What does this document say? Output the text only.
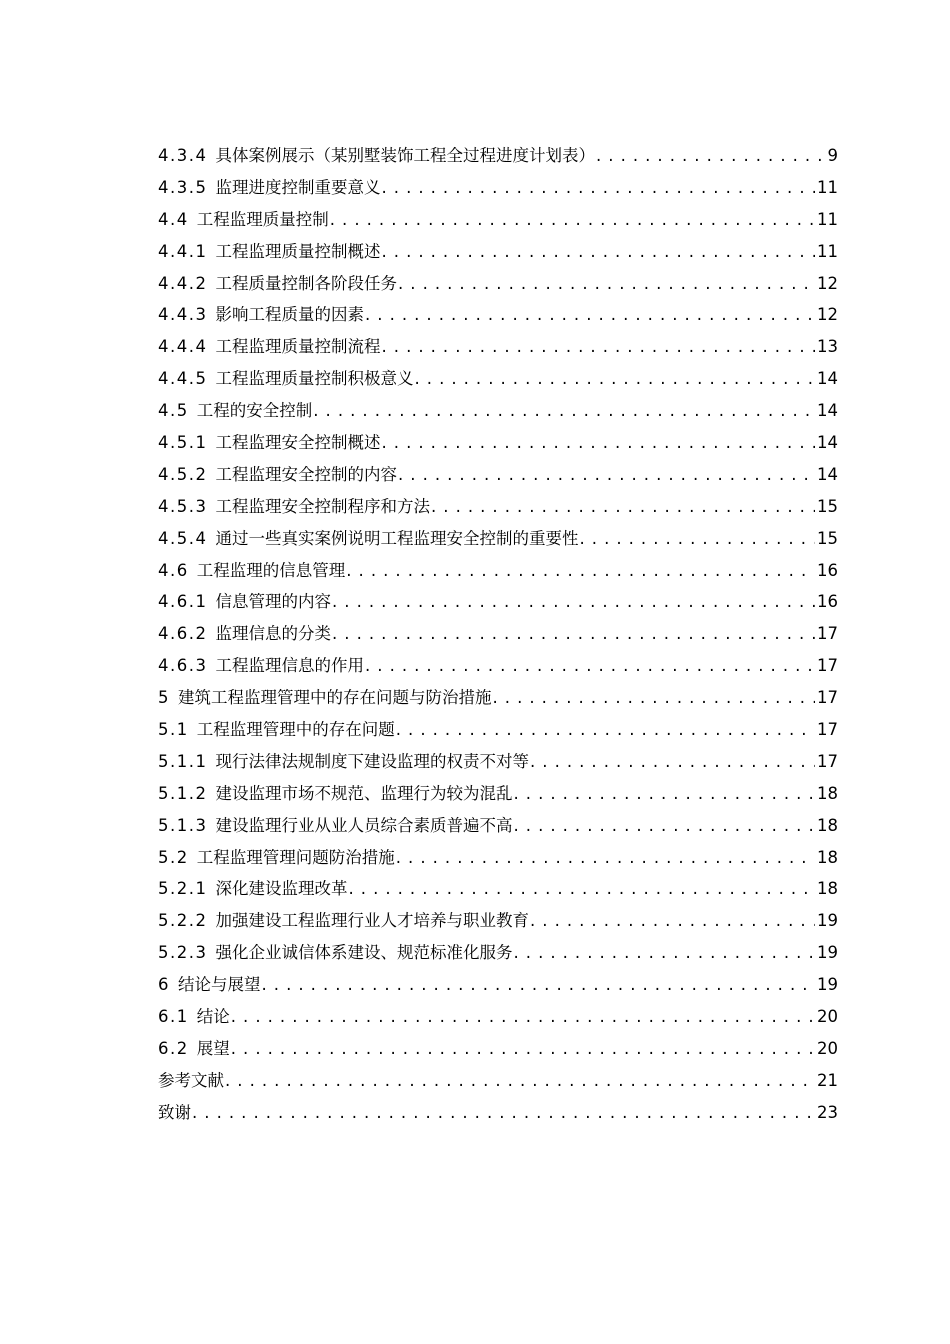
4.3.4 具体案例展示（某别墅装饰工程全过程进度计划表） . . .	9
4.3.5 监理进度控制重要意义 . . .	11
4.4 工程监理质量控制 . . .	11
4.4.1 工程监理质量控制概述 . . .	11
4.4.2 工程质量控制各阶段任务 . . .	12
4.4.3 影响工程质量的因素 . . .	12
4.4.4 工程监理质量控制流程 . . .	13
4.4.5 工程监理质量控制积极意义 . . .	14
4.5 工程的安全控制 . . .	14
4.5.1 工程监理安全控制概述 . . .	14
4.5.2 工程监理安全控制的内容 . . .	14
4.5.3 工程监理安全控制程序和方法 . . .	15
4.5.4 通过一些真实案例说明工程监理安全控制的重要性 . . .	15
4.6 工程监理的信息管理 . . .	16
4.6.1 信息管理的内容 . . .	16
4.6.2 监理信息的分类 . . .	17
4.6.3 工程监理信息的作用 . . .	17
5 建筑工程监理管理中的存在问题与防治措施 . . .	17
5.1 工程监理管理中的存在问题 . . .	17
5.1.1 现行法律法规制度下建设监理的权责不对等 . . .	17
5.1.2 建设监理市场不规范、监理行为较为混乱 . . .	18
5.1.3 建设监理行业从业人员综合素质普遍不高 . . .	18
5.2 工程监理管理问题防治措施 . . .	18
5.2.1 深化建设监理改革 . . .	18
5.2.2 加强建设工程监理行业人才培养与职业教育 . . .	19
5.2.3 强化企业诚信体系建设、规范标准化服务 . . .	19
6 结论与展望 . . .	19
6.1 结论 . . .	20
6.2 展望 . . .	20
参考文献 . . .	21
致谢 . . .	23
